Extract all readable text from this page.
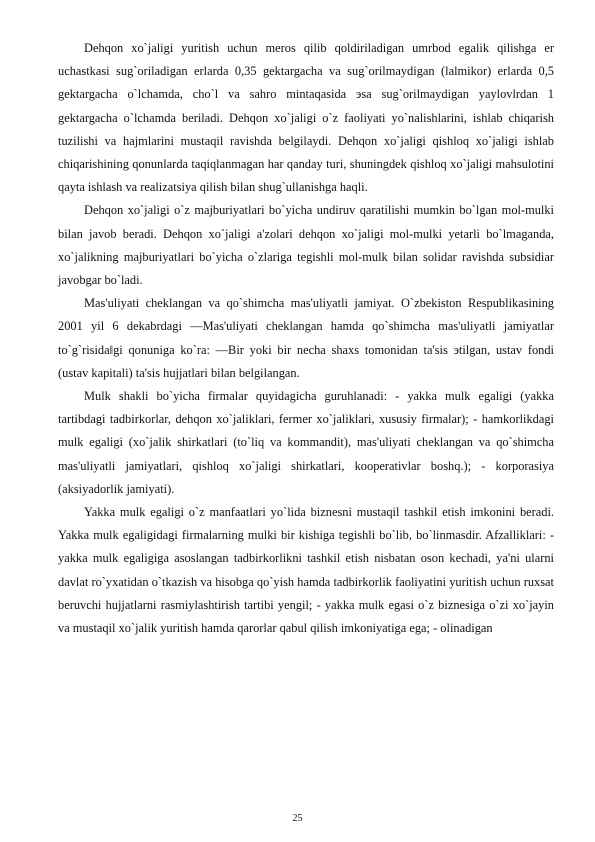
Dehqon xo`jaligi yuritish uchun meros qilib qoldiriladigan umrbod egalik qilishga er uchastkasi sug`oriladigan erlarda 0,35 gektargacha va sug`orilmaydigan (lalmikor) erlarda 0,5 gektargacha o`lchamda, cho`l va sahro mintaqasida эsa sug`orilmaydigan yaylovlrdan 1 gektargacha o`lchamda beriladi. Dehqon xo`jaligi o`z faoliyati yo`nalishlarini, ishlab chiqarish tuzilishi va hajmlarini mustaqil ravishda belgilaydi. Dehqon xo`jaligi qishloq xo`jaligi ishlab chiqarishining qonunlarda taqiqlanmagan har qanday turi, shuningdek qishloq xo`jaligi mahsulotini qayta ishlash va realizatsiya qilish bilan shug`ullanishga haqli.

Dehqon xo`jaligi o`z majburiyatlari bo`yicha undiruv qaratilishi mumkin bo`lgan mol-mulki bilan javob beradi. Dehqon xo`jaligi a'zolari dehqon xo`jaligi mol-mulki yetarli bo`lmaganda, xo`jalikning majburiyatlari bo`yicha o`zlariga tegishli mol-mulk bilan solidar ravishda subsidiar javobgar bo`ladi.

Mas'uliyati cheklangan va qo`shimcha mas'uliyatli jamiyat. O`zbekiston Respublikasining 2001 yil 6 dekabrdagi ―Mas'uliyati cheklangan hamda qo`shimcha mas'uliyatli jamiyatlar to`g`risida‖gi qonuniga ko`ra: ―Bir yoki bir necha shaxs tomonidan ta'sis эtilgan, ustav fondi (ustav kapitali) ta'sis hujjatlari bilan belgilangan.

Mulk shakli bo`yicha firmalar quyidagicha guruhlanadi: - yakka mulk egaligi (yakka tartibdagi tadbirkorlar, dehqon xo`jaliklari, fermer xo`jaliklari, xususiy firmalar); - hamkorlikdagi mulk egaligi (xo`jalik shirkatlari (to`liq va kommandit), mas'uliyati cheklangan va qo`shimcha mas'uliyatli jamiyatlari, qishloq xo`jaligi shirkatlari, kooperativlar boshq.); - korporasiya (aksiyadorlik jamiyati).

Yakka mulk egaligi o`z manfaatlari yo`lida biznesni mustaqil tashkil etish imkonini beradi. Yakka mulk egaligidagi firmalarning mulki bir kishiga tegishli bo`lib, bo`linmasdir. Afzalliklari: - yakka mulk egaligiga asoslangan tadbirkorlikni tashkil etish nisbatan oson kechadi, ya'ni ularni davlat ro`yxatidan o`tkazish va hisobga qo`yish hamda tadbirkorlik faoliyatini yuritish uchun ruxsat beruvchi hujjatlarni rasmiylashtirish tartibi yengil; - yakka mulk egasi o`z biznesiga o`zi xo`jayin va mustaqil xo`jalik yuritish hamda qarorlar qabul qilish imkoniyatiga ega; - olinadigan

25
